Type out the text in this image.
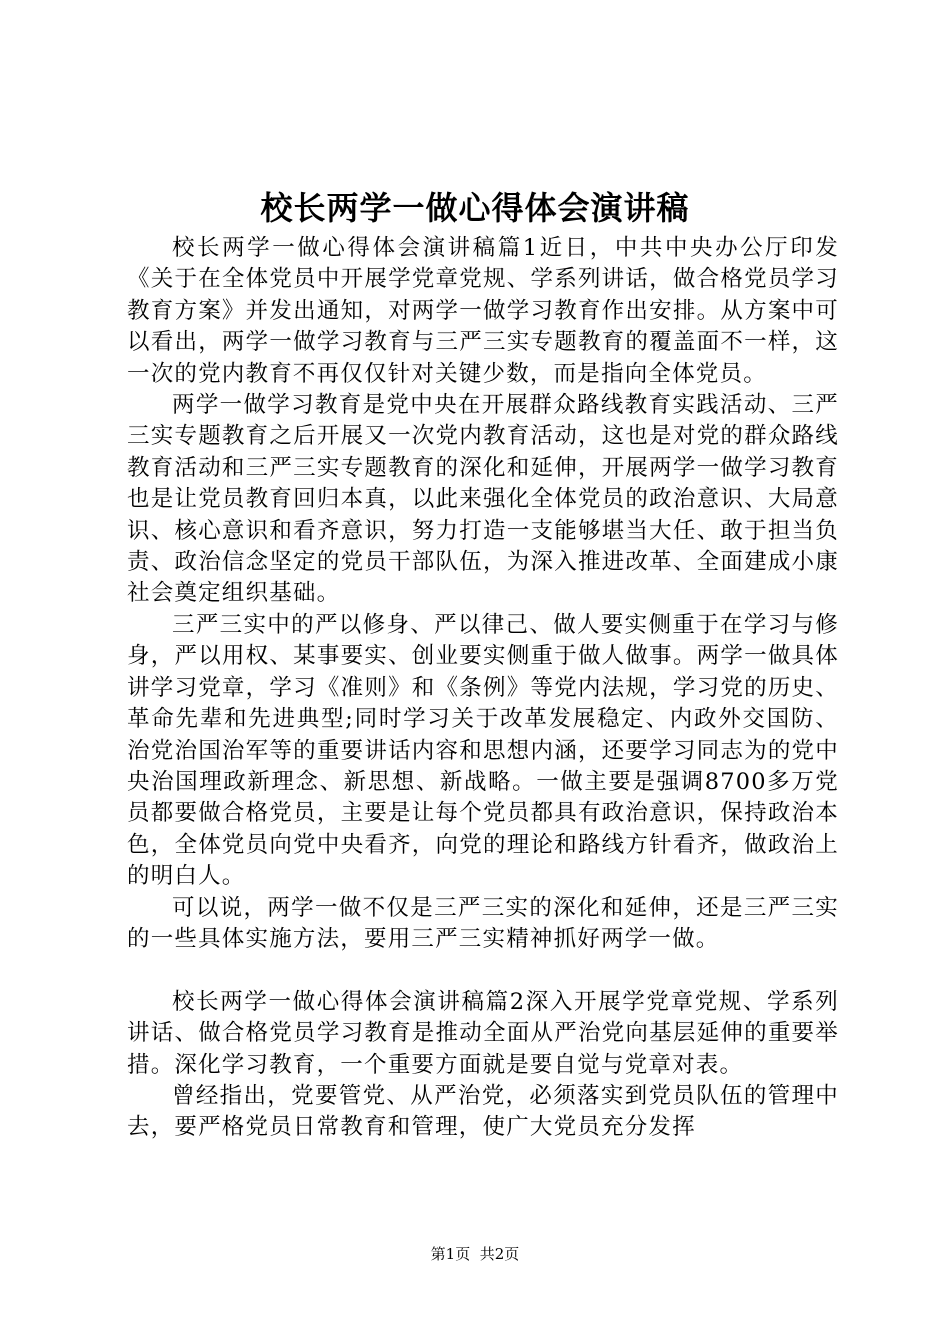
校长两学一做心得体会演讲稿

校长两学一做心得体会演讲稿篇1近日，中共中央办公厅印发《关于在全体党员中开展学党章党规、学系列讲话，做合格党员学习教育方案》并发出通知，对两学一做学习教育作出安排。从方案中可以看出，两学一做学习教育与三严三实专题教育的覆盖面不一样，这一次的党内教育不再仅仅针对关键少数，而是指向全体党员。

两学一做学习教育是党中央在开展群众路线教育实践活动、三严三实专题教育之后开展又一次党内教育活动，这也是对党的群众路线教育活动和三严三实专题教育的深化和延伸，开展两学一做学习教育也是让党员教育回归本真，以此来强化全体党员的政治意识、大局意识、核心意识和看齐意识，努力打造一支能够堪当大任、敢于担当负责、政治信念坚定的党员干部队伍，为深入推进改革、全面建成小康社会奠定组织基础。

三严三实中的严以修身、严以律己、做人要实侧重于在学习与修身，严以用权、某事要实、创业要实侧重于做人做事。两学一做具体讲学习党章，学习《准则》和《条例》等党内法规，学习党的历史、革命先辈和先进典型;同时学习关于改革发展稳定、内政外交国防、治党治国治军等的重要讲话内容和思想内涵，还要学习同志为的党中央治国理政新理念、新思想、新战略。一做主要是强调8700多万党员都要做合格党员，主要是让每个党员都具有政治意识，保持政治本色，全体党员向党中央看齐，向党的理论和路线方针看齐，做政治上的明白人。

可以说，两学一做不仅是三严三实的深化和延伸，还是三严三实的一些具体实施方法，要用三严三实精神抓好两学一做。

校长两学一做心得体会演讲稿篇2深入开展学党章党规、学系列讲话、做合格党员学习教育是推动全面从严治党向基层延伸的重要举措。深化学习教育，一个重要方面就是要自觉与党章对表。

曾经指出，党要管党、从严治党，必须落实到党员队伍的管理中去，要严格党员日常教育和管理，使广大党员充分发挥

第1页 共2页
